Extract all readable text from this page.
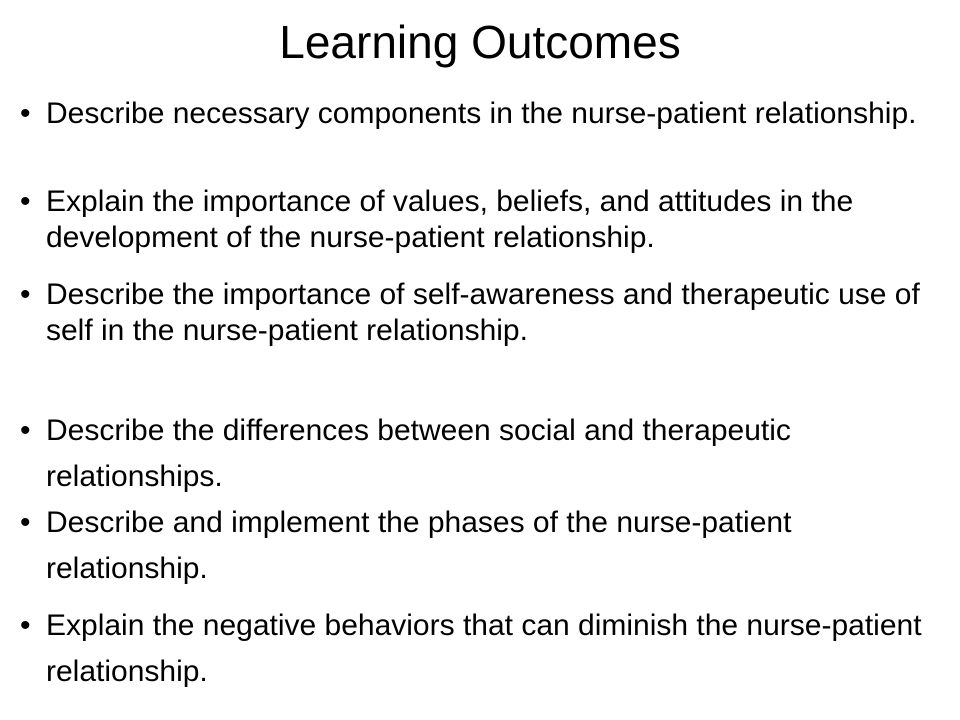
Learning Outcomes
• Describe necessary components in the nurse-patient relationship.
• Explain the importance of values, beliefs, and attitudes in the development of the nurse-patient relationship.
• Describe the importance of self-awareness and therapeutic use of self in the nurse-patient relationship.
• Describe the differences between social and therapeutic relationships.
• Describe and implement the phases of the nurse-patient relationship.
• Explain the negative behaviors that can diminish the nurse-patient relationship.
